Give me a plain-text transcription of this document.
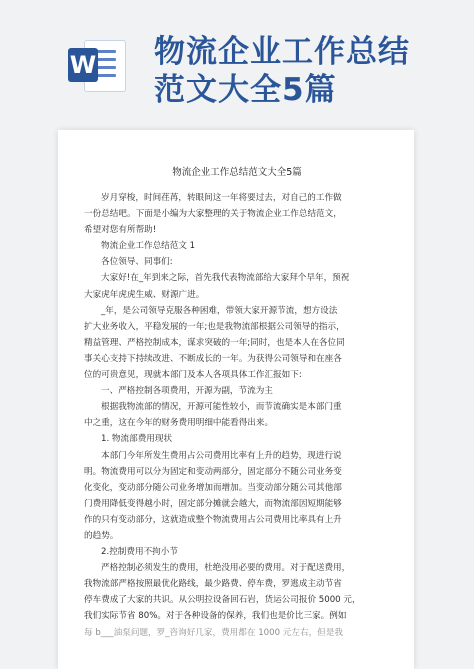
W 物流企业工作总结
范文大全5篇
物流企业工作总结范文大全5篇

岁月穿梭，时间荏苒，转眼间这一年将要过去，对自己的工作做

一份总结吧。下面是小编为大家整理的关于物流企业工作总结范文，

希望对您有所帮助!

物流企业工作总结范文 1

各位领导、同事们:

大家好!在_年到来之际，首先我代表物流部给大家拜个早年，预祝

大家虎年虎虎生威、财源广进。

_年，是公司领导克服各种困难，带领大家开源节流，想方设法

扩大业务收入，平稳发展的一年;也是我物流部根据公司领导的指示，

精益管理、严格控制成本，谋求突破的一年;同时，也是本人在各位同

事关心支持下持续改进、不断成长的一年。为获得公司领导和在座各

位的可贵意见，现就本部门及本人各项具体工作汇报如下:

一、严格控制各项费用，开源为副，节流为主

根据我物流部的情况，开源可能性较小，而节流确实是本部门重

中之重，这在今年的财务费用明细中能看得出来。

1. 物流部费用现状

本部门今年所发生费用占公司费用比率有上升的趋势，现进行说

明。物流费用可以分为固定和变动两部分，固定部分不随公司业务变

化变化，变动部分随公司业务增加而增加。当变动部分随公司其他部

门费用降低变得越小时，固定部分摊就会越大，而物流部因短期能够

作的只有变动部分，这就造成整个物流费用占公司费用比率具有上升

的趋势。

2.控制费用不拘小节

严格控制必须发生的费用，杜绝没用必要的费用。对于配送费用，

我物流部严格按照最优化路线，最少路费、停车费，罗逃成主动节省

停车费成了大家的共识。从公明拉设备回石岩，货运公司报价 5000 元，

我们实际节省 80%。对于各种设备的保养，我们也是价比三家。例如

每 b___油泵问题，罗_咨询好几家，费用都在 1000 元左右，但是我
